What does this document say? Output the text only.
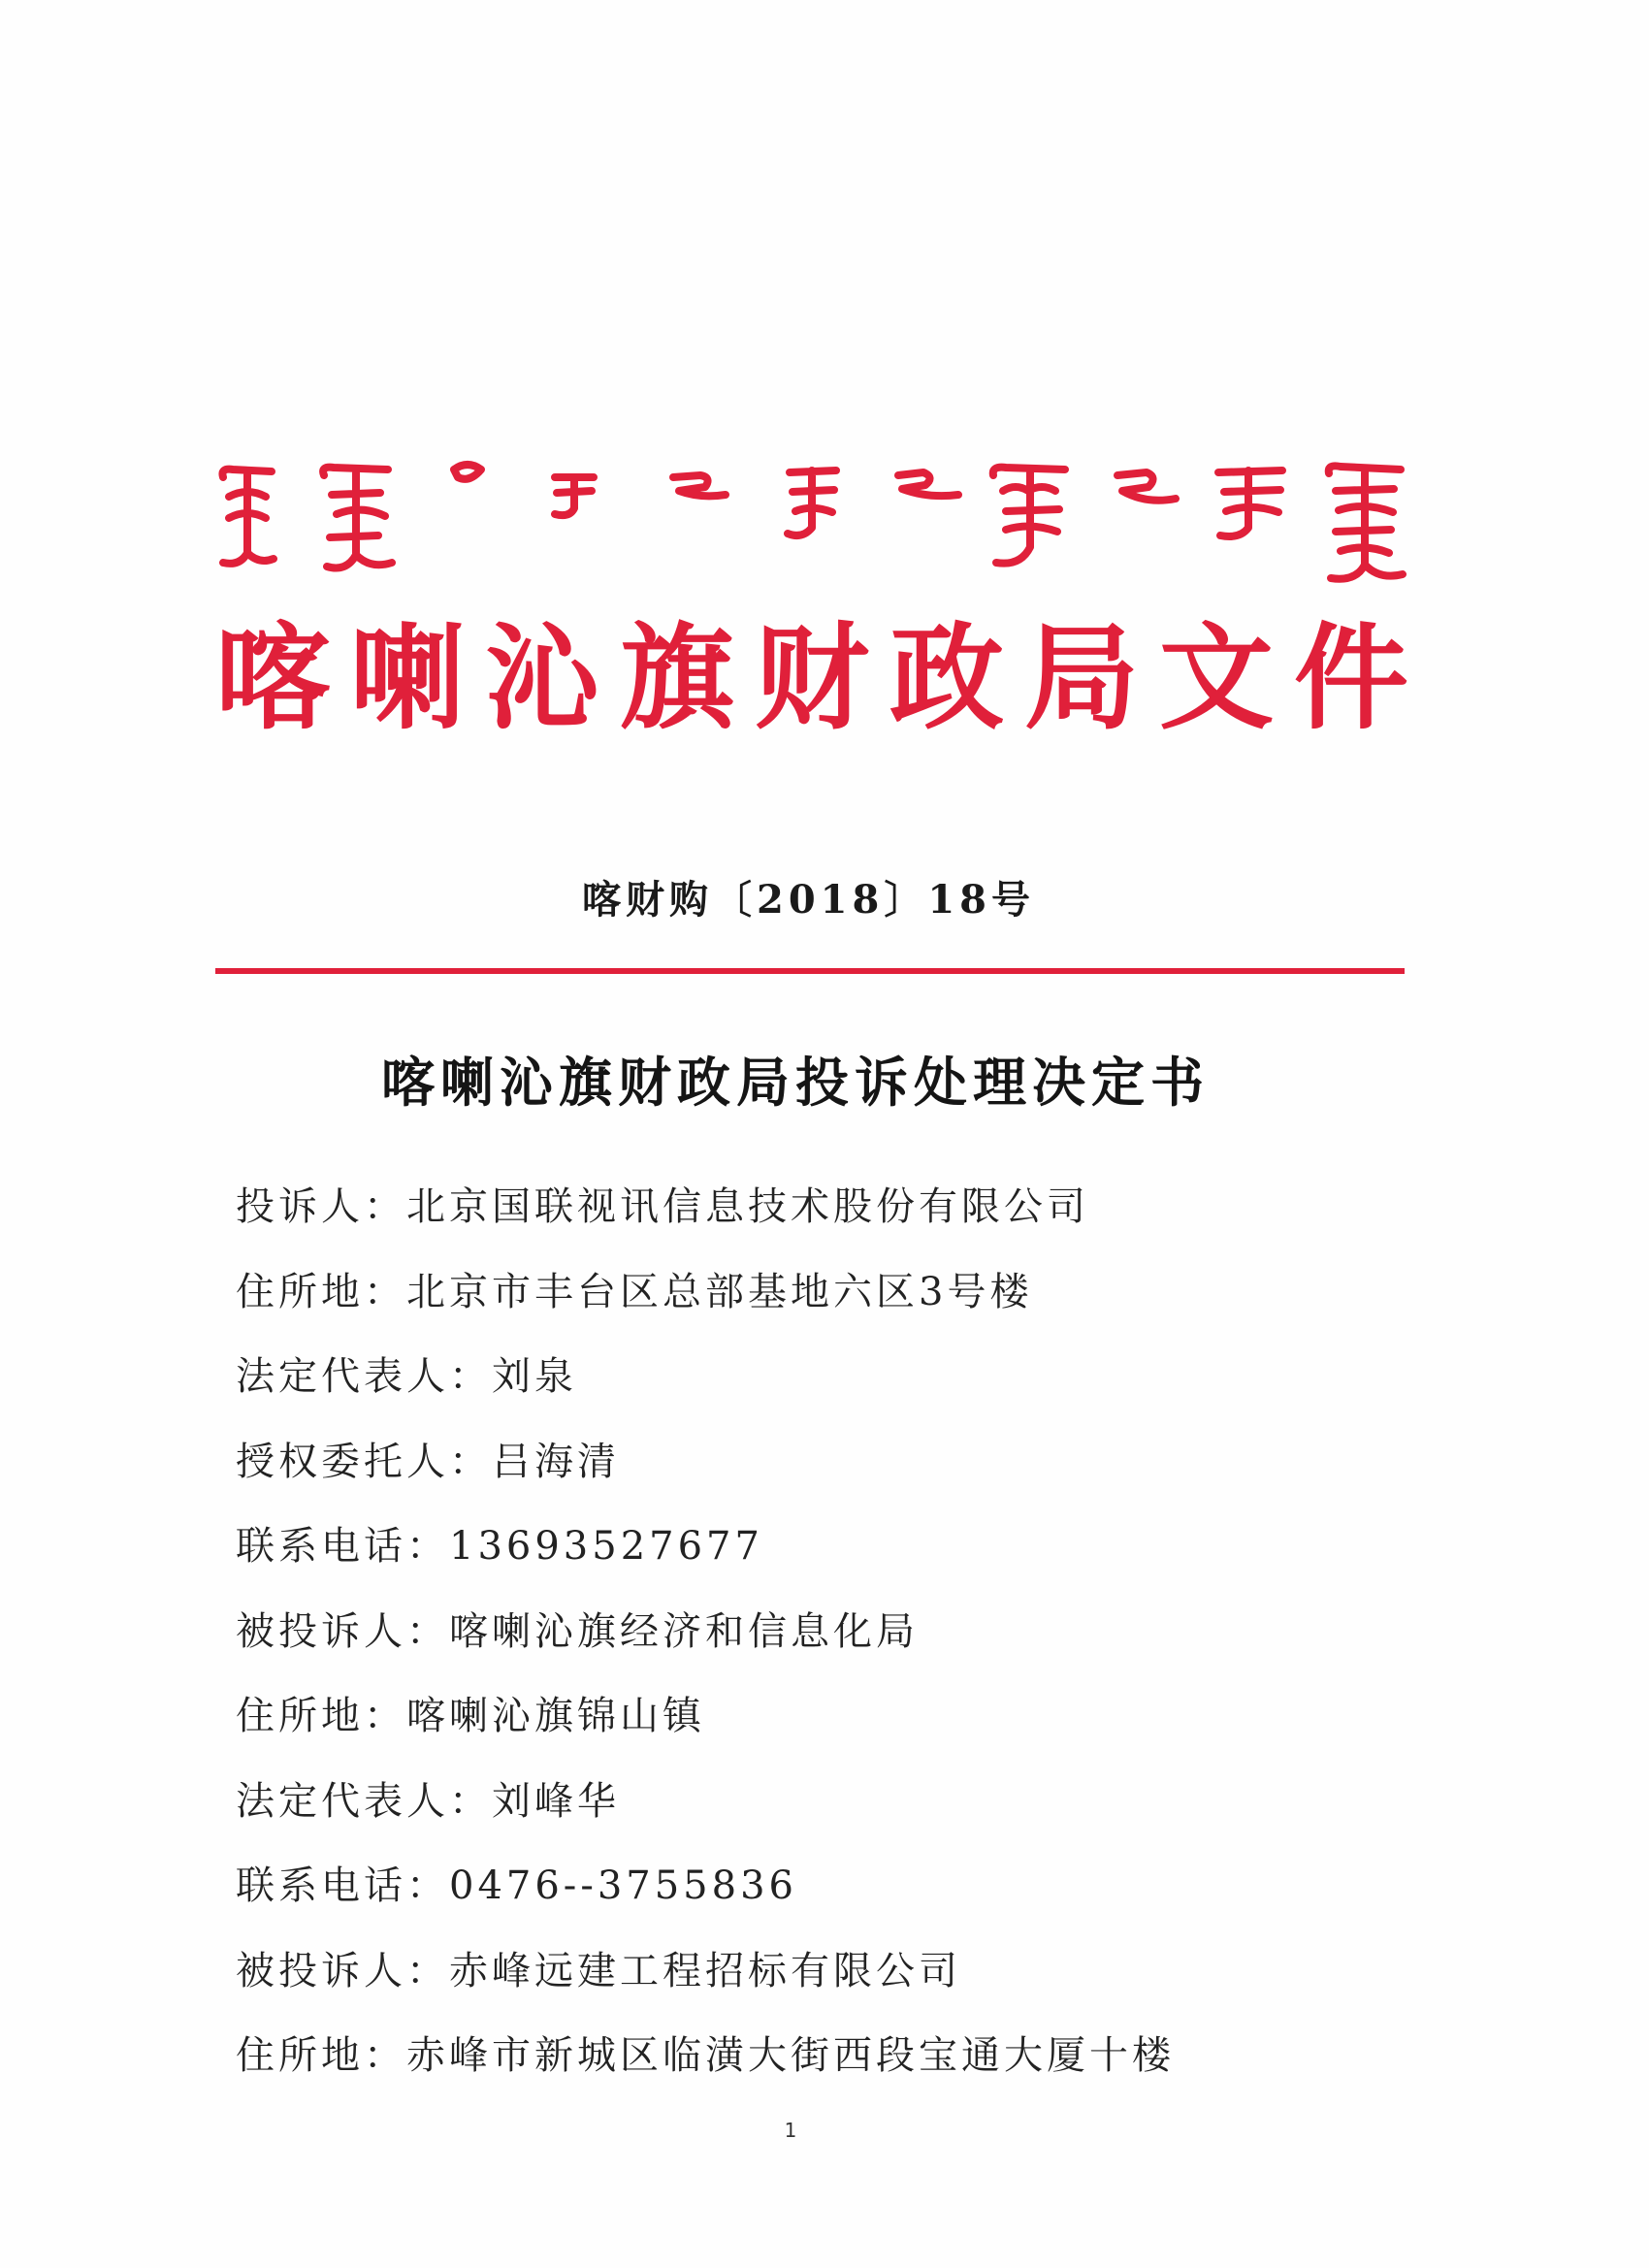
喀喇沁旗财政局文件
喀财购〔2018〕18号
喀喇沁旗财政局投诉处理决定书
投诉人：北京国联视讯信息技术股份有限公司
住所地：北京市丰台区总部基地六区3号楼
法定代表人：刘泉
授权委托人：吕海清
联系电话：13693527677
被投诉人：喀喇沁旗经济和信息化局
住所地：喀喇沁旗锦山镇
法定代表人：刘峰华
联系电话：0476--3755836
被投诉人：赤峰远建工程招标有限公司
住所地：赤峰市新城区临潢大街西段宝通大厦十楼
1
